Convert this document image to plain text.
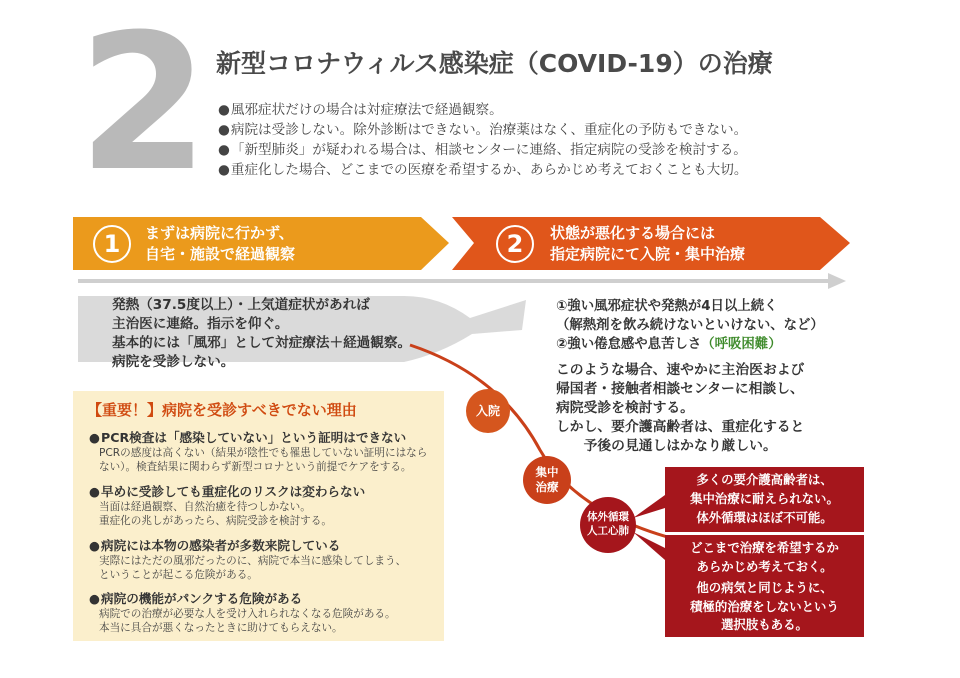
2 新型コロナウィルス感染症（COVID-19）の治療
● 風邪症状だけの場合は対症療法で経過観察。
● 病院は受診しない。除外診断はできない。治療薬はなく、重症化の予防もできない。
● 「新型肺炎」が疑われる場合は、相談センターに連絡、指定病院の受診を検討する。
● 重症化した場合、どこまでの医療を希望するか、あらかじめ考えておくことも大切。
1	まずは病院に行かず、
自宅・施設で経過観察	2	状態が悪化する場合には
指定病院にて入院・集中治療
発熱（37.5度以上）・上気道症状があれば
主治医に連絡。指示を仰ぐ。
基本的には「風邪」として対症療法＋経過観察。
病院を受診しない。
①強い風邪症状や発熱が4日以上続く
（解熱剤を飲み続けないといけない、など）
②強い倦怠感や息苦しさ（呼吸困難）
このような場合、速やかに主治医および
帰国者・接触者相談センターに相談し、
病院受診を検討する。
しかし、要介護高齢者は、重症化すると
　　予後の見通しはかなり厳しい。
入院
集中
治療
体外循環
人工心肺
【重要！】病院を受診すべきでない理由
● PCR検査は「感染していない」という証明はできない
PCRの感度は高くない（結果が陰性でも罹患していない証明にはなら
ない）。検査結果に関わらず新型コロナという前提でケアをする。
● 早めに受診しても重症化のリスクは変わらない
当面は経過観察、自然治癒を待つしかない。
重症化の兆しがあったら、病院受診を検討する。
● 病院には本物の感染者が多数来院している
実際にはただの風邪だったのに、病院で本当に感染してしまう、
ということが起こる危険がある。
● 病院の機能がパンクする危険がある
病院での治療が必要な人を受け入れられなくなる危険がある。
本当に具合が悪くなったときに助けてもらえない。
多くの要介護高齢者は、
集中治療に耐えられない。
体外循環はほぼ不可能。
どこまで治療を希望するか
あらかじめ考えておく。
他の病気と同じように、
積極的治療をしないという
選択肢もある。
